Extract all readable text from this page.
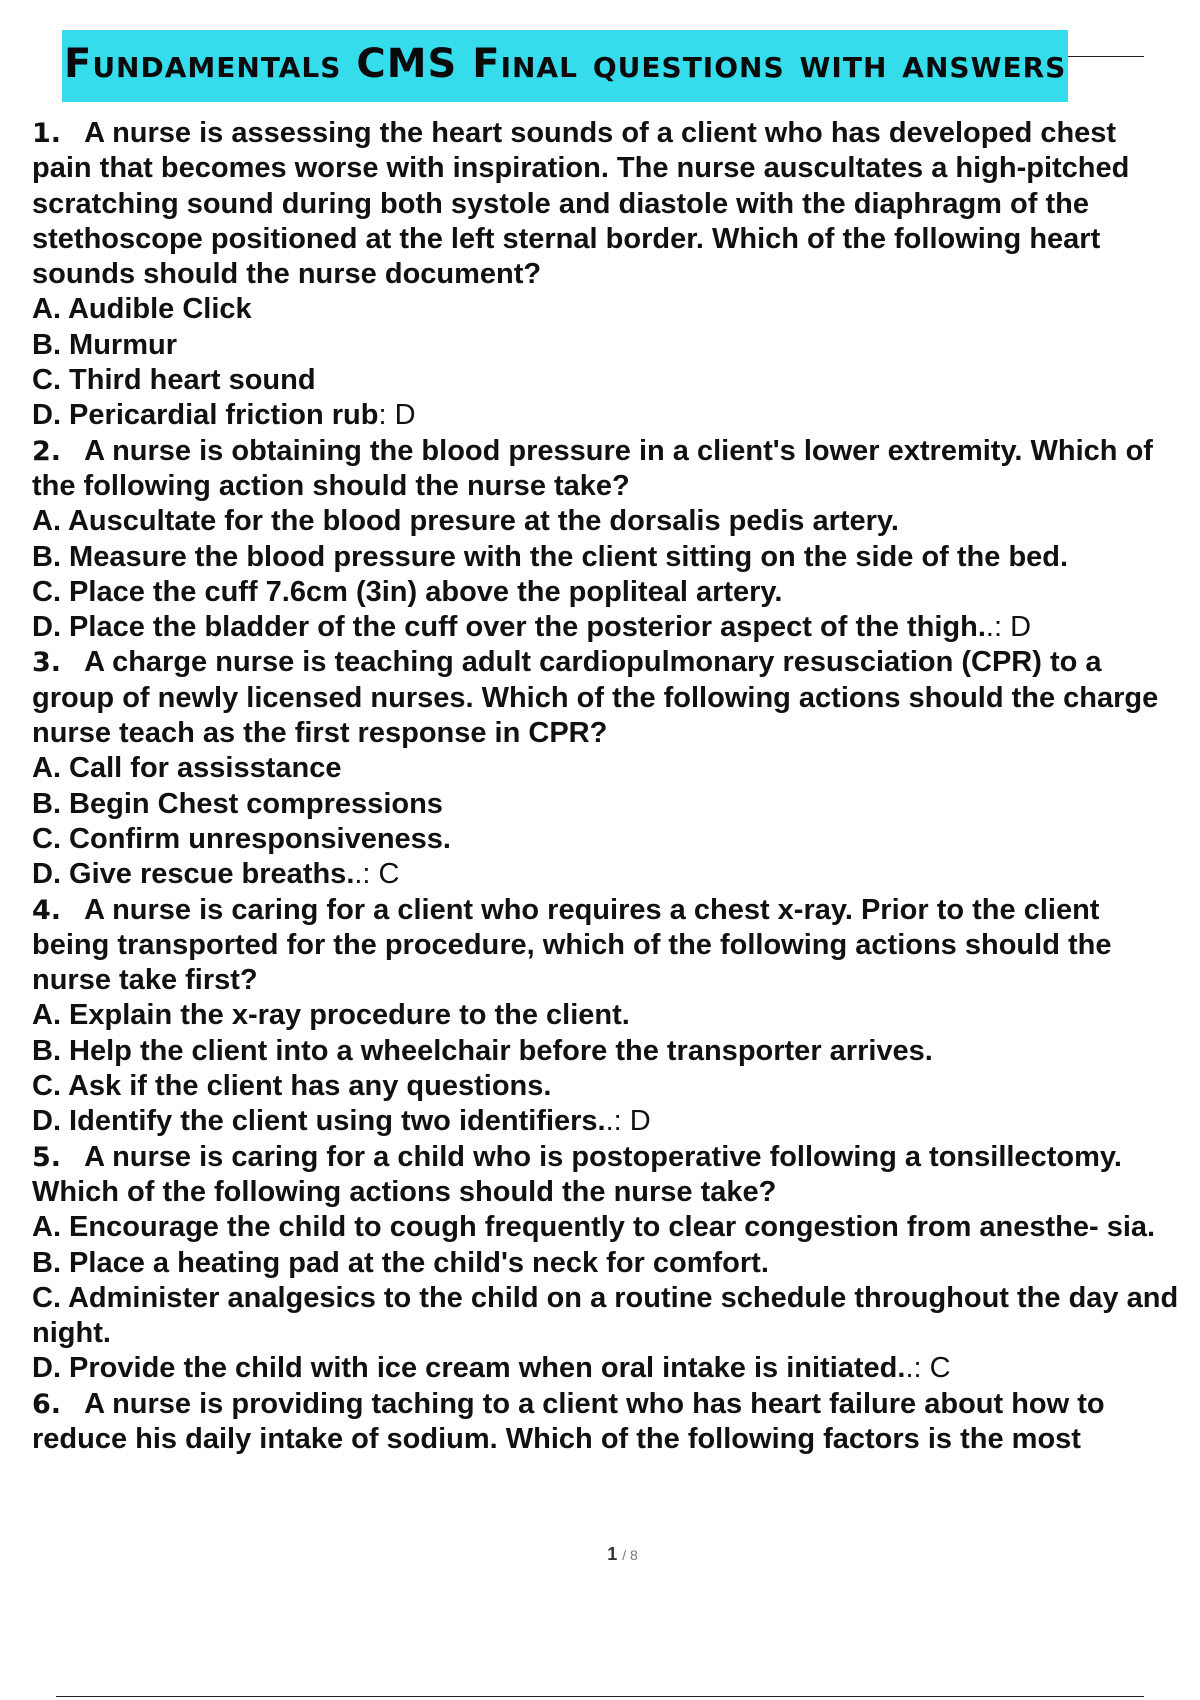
Fundamentals CMS Final questions with answers

1. A nurse is assessing the heart sounds of a client who has developed chest pain that becomes worse with inspiration. The nurse auscultates a high-pitched scratching sound during both systole and diastole with the diaphragm of the stethoscope positioned at the left sternal border. Which of the following heart sounds should the nurse document?

A. Audible Click
B. Murmur
C. Third heart sound
D. Pericardial friction rub: D

2. A nurse is obtaining the blood pressure in a client's lower extremity. Which of the following action should the nurse take?

A. Auscultate for the blood presure at the dorsalis pedis artery.
B. Measure the blood pressure with the client sitting on the side of the bed.
C. Place the cuff 7.6cm (3in) above the popliteal artery.
D. Place the bladder of the cuff over the posterior aspect of the thigh..: D

3. A charge nurse is teaching adult cardiopulmonary resusciation (CPR) to a group of newly licensed nurses. Which of the following actions should the charge nurse teach as the first response in CPR?

A. Call for assisstance
B. Begin Chest compressions
C. Confirm unresponsiveness.
D. Give rescue breaths..: C

4. A nurse is caring for a client who requires a chest x-ray. Prior to the client being transported for the procedure, which of the following actions should the nurse take first?

A. Explain the x-ray procedure to the client.
B. Help the client into a wheelchair before the transporter arrives.
C. Ask if the client has any questions.
D. Identify the client using two identifiers..: D

5. A nurse is caring for a child who is postoperative following a tonsillectomy. Which of the following actions should the nurse take?

A. Encourage the child to cough frequently to clear congestion from anesthe- sia.
B. Place a heating pad at the child's neck for comfort.
C. Administer analgesics to the child on a routine schedule throughout the day and night.
D. Provide the child with ice cream when oral intake is initiated..: C

6. A nurse is providing taching to a client who has heart failure about how to reduce his daily intake of sodium. Which of the following factors is the most

1 / 8
